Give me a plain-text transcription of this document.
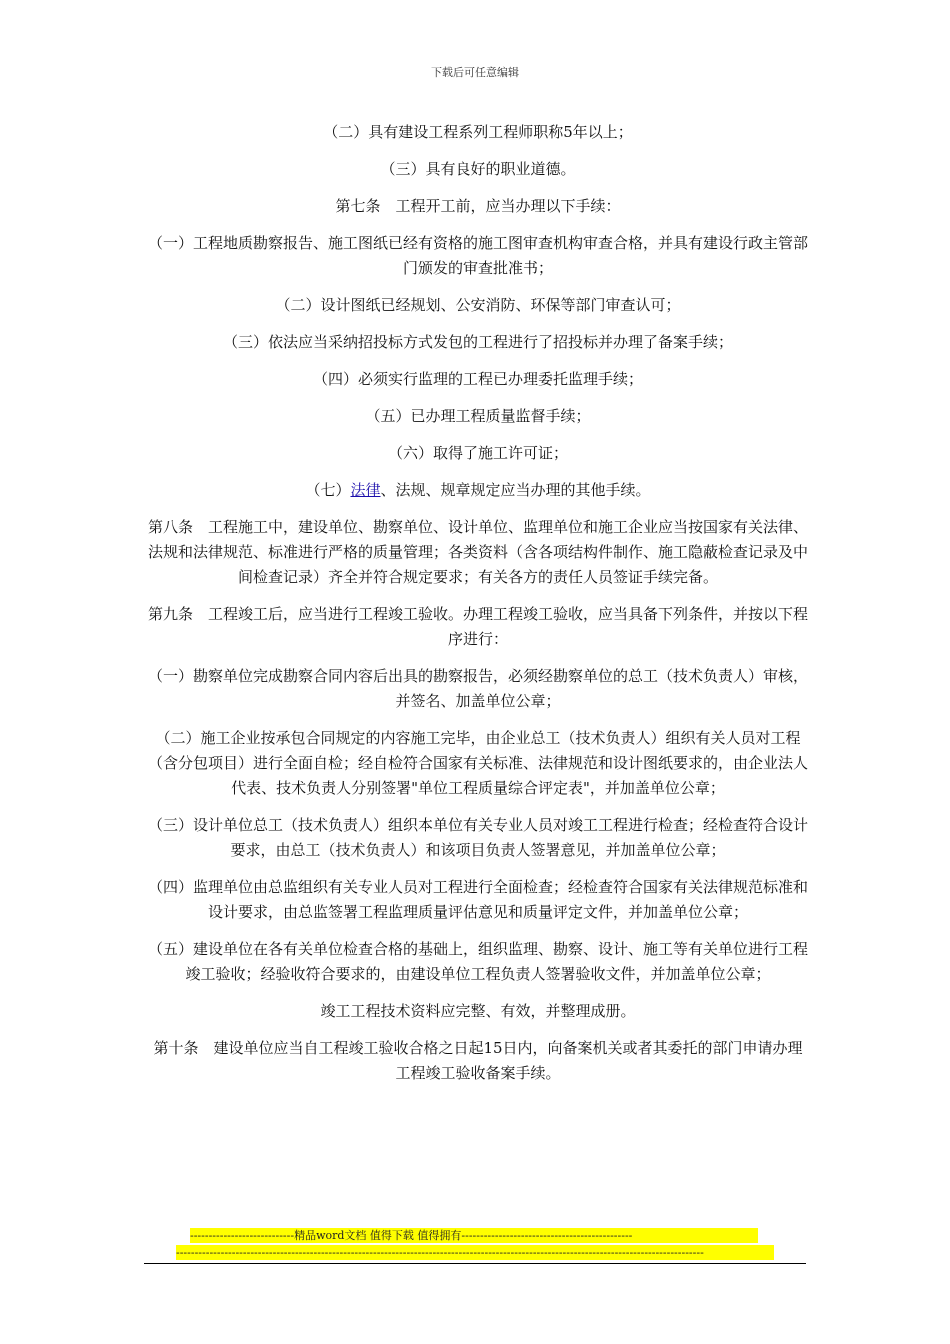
下载后可任意编辑

（二）具有建设工程系列工程师职称5年以上；

（三）具有良好的职业道德。

第七条　工程开工前，应当办理以下手续：

（一）工程地质勘察报告、施工图纸已经有资格的施工图审查机构审查合格，并具有建设行政主管部门颁发的审查批准书；

（二）设计图纸已经规划、公安消防、环保等部门审查认可；

（三）依法应当采纳招投标方式发包的工程进行了招投标并办理了备案手续；

（四）必须实行监理的工程已办理委托监理手续；

（五）已办理工程质量监督手续；

（六）取得了施工许可证；

（七）法律、法规、规章规定应当办理的其他手续。

第八条　工程施工中，建设单位、勘察单位、设计单位、监理单位和施工企业应当按国家有关法律、法规和法律规范、标准进行严格的质量管理；各类资料（含各项结构件制作、施工隐蔽检查记录及中间检查记录）齐全并符合规定要求；有关各方的责任人员签证手续完备。

第九条　工程竣工后，应当进行工程竣工验收。办理工程竣工验收，应当具备下列条件，并按以下程序进行：

（一）勘察单位完成勘察合同内容后出具的勘察报告，必须经勘察单位的总工（技术负责人）审核，并签名、加盖单位公章；

（二）施工企业按承包合同规定的内容施工完毕，由企业总工（技术负责人）组织有关人员对工程（含分包项目）进行全面自检；经自检符合国家有关标准、法律规范和设计图纸要求的，由企业法人代表、技术负责人分别签署"单位工程质量综合评定表"，并加盖单位公章；

（三）设计单位总工（技术负责人）组织本单位有关专业人员对竣工工程进行检查；经检查符合设计要求，由总工（技术负责人）和该项目负责人签署意见，并加盖单位公章；

（四）监理单位由总监组织有关专业人员对工程进行全面检查；经检查符合国家有关法律规范标准和设计要求，由总监签署工程监理质量评估意见和质量评定文件，并加盖单位公章；

（五）建设单位在各有关单位检查合格的基础上，组织监理、勘察、设计、施工等有关单位进行工程竣工验收；经验收符合要求的，由建设单位工程负责人签署验收文件，并加盖单位公章；

竣工工程技术资料应完整、有效，并整理成册。

第十条　建设单位应当自工程竣工验收合格之日起15日内，向备案机关或者其委托的部门申请办理工程竣工验收备案手续。

----------------------------精品word文档 值得下载 值得拥有----------------------------------------------
----------------------------------------------------------------------------------------------------------------------------------------------
